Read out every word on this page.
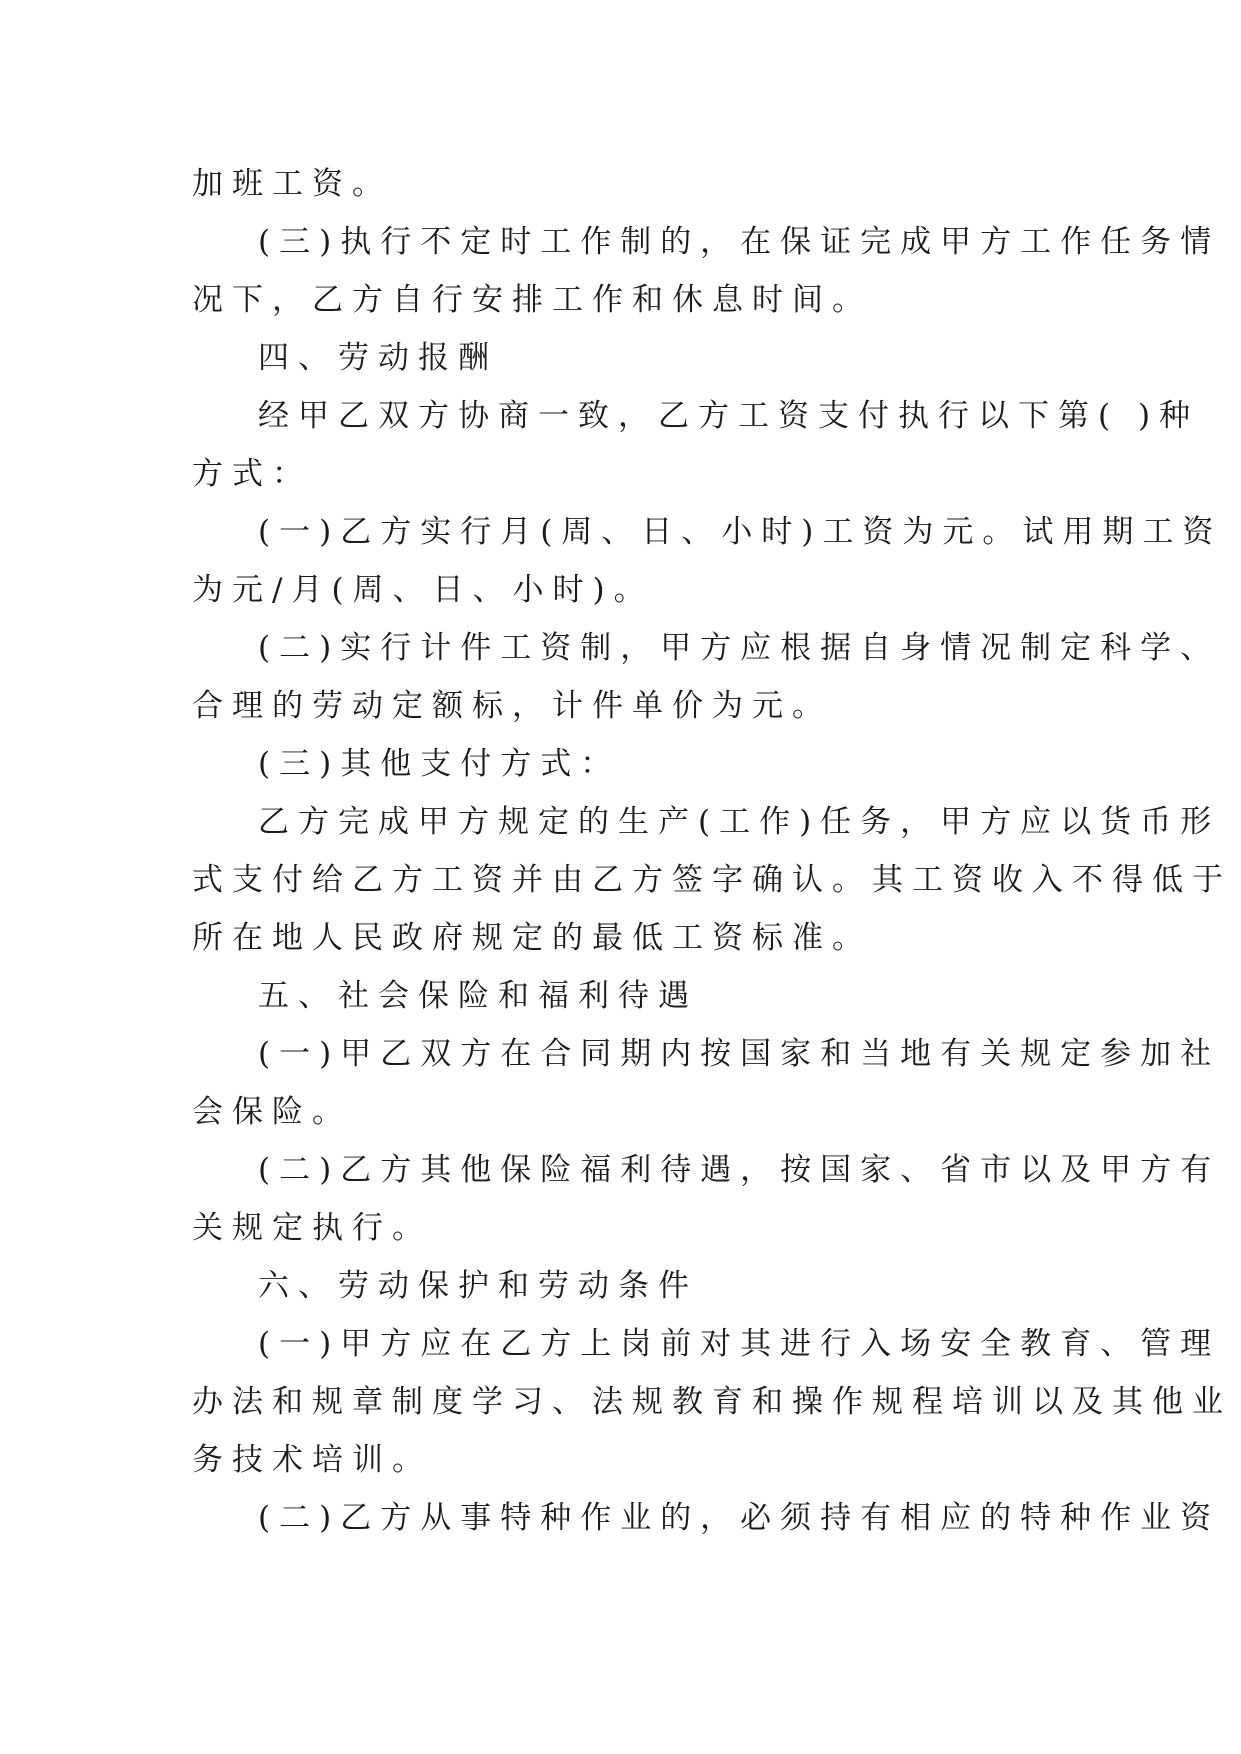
加班工资。
(三)执行不定时工作制的，在保证完成甲方工作任务情
况下，乙方自行安排工作和休息时间。
四、劳动报酬
经甲乙双方协商一致，乙方工资支付执行以下第( )种
方式：
(一)乙方实行月(周、日、小时)工资为元。试用期工资
为元/月(周、日、小时)。
(二)实行计件工资制，甲方应根据自身情况制定科学、
合理的劳动定额标，计件单价为元。
(三)其他支付方式：
乙方完成甲方规定的生产(工作)任务，甲方应以货币形
式支付给乙方工资并由乙方签字确认。其工资收入不得低于
所在地人民政府规定的最低工资标准。
五、社会保险和福利待遇
(一)甲乙双方在合同期内按国家和当地有关规定参加社
会保险。
(二)乙方其他保险福利待遇，按国家、省市以及甲方有
关规定执行。
六、劳动保护和劳动条件
(一)甲方应在乙方上岗前对其进行入场安全教育、管理
办法和规章制度学习、法规教育和操作规程培训以及其他业
务技术培训。
(二)乙方从事特种作业的，必须持有相应的特种作业资
